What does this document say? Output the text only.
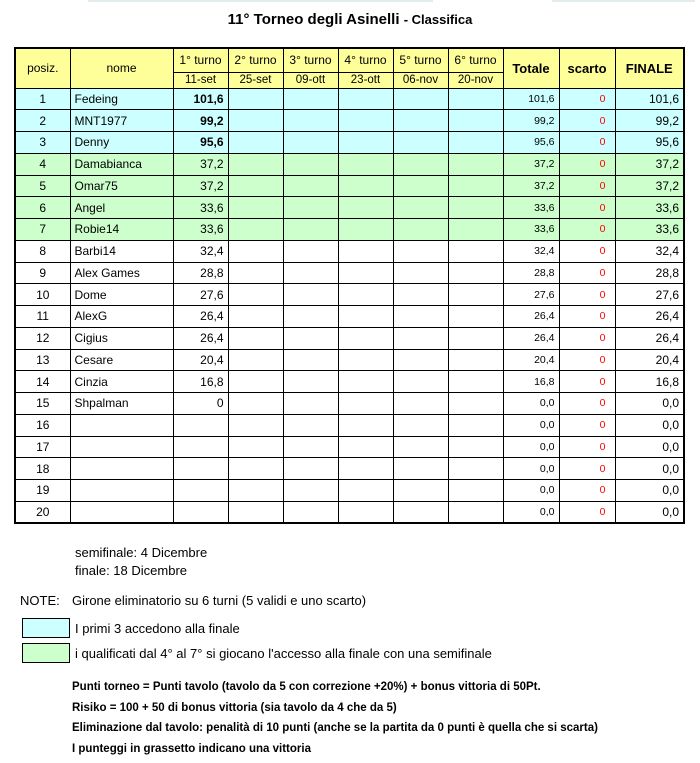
11° Torneo degli Asinelli - Classifica
posiz.	nome	1° turno	2° turno	3° turno	4° turno	5° turno	6° turno	Totale	scarto	FINALE
		11-set	25-set	09-ott	23-ott	06-nov	20-nov			
1	Fedeing	101,6						101,6	0	101,6
2	MNT1977	99,2						99,2	0	99,2
3	Denny	95,6						95,6	0	95,6
4	Damabianca	37,2						37,2	0	37,2
5	Omar75	37,2						37,2	0	37,2
6	Angel	33,6						33,6	0	33,6
7	Robie14	33,6						33,6	0	33,6
8	Barbi14	32,4						32,4	0	32,4
9	Alex Games	28,8						28,8	0	28,8
10	Dome	27,6						27,6	0	27,6
11	AlexG	26,4						26,4	0	26,4
12	Cigius	26,4						26,4	0	26,4
13	Cesare	20,4						20,4	0	20,4
14	Cinzia	16,8						16,8	0	16,8
15	Shpalman	0						0,0	0	0,0
16								0,0	0	0,0
17								0,0	0	0,0
18								0,0	0	0,0
19								0,0	0	0,0
20								0,0	0	0,0
semifinale: 4 Dicembre
finale: 18 Dicembre
NOTE: Girone eliminatorio su 6 turni (5 validi e uno scarto)
I primi 3 accedono alla finale
i qualificati dal 4° al 7° si giocano l'accesso alla finale con una semifinale
Punti torneo = Punti tavolo (tavolo da 5 con correzione +20%) + bonus vittoria di 50Pt.
Risiko = 100 + 50 di bonus vittoria (sia tavolo da 4 che da 5)
Eliminazione dal tavolo: penalità di 10 punti (anche se la partita da 0 punti è quella che si scarta)
I punteggi in grassetto indicano una vittoria
